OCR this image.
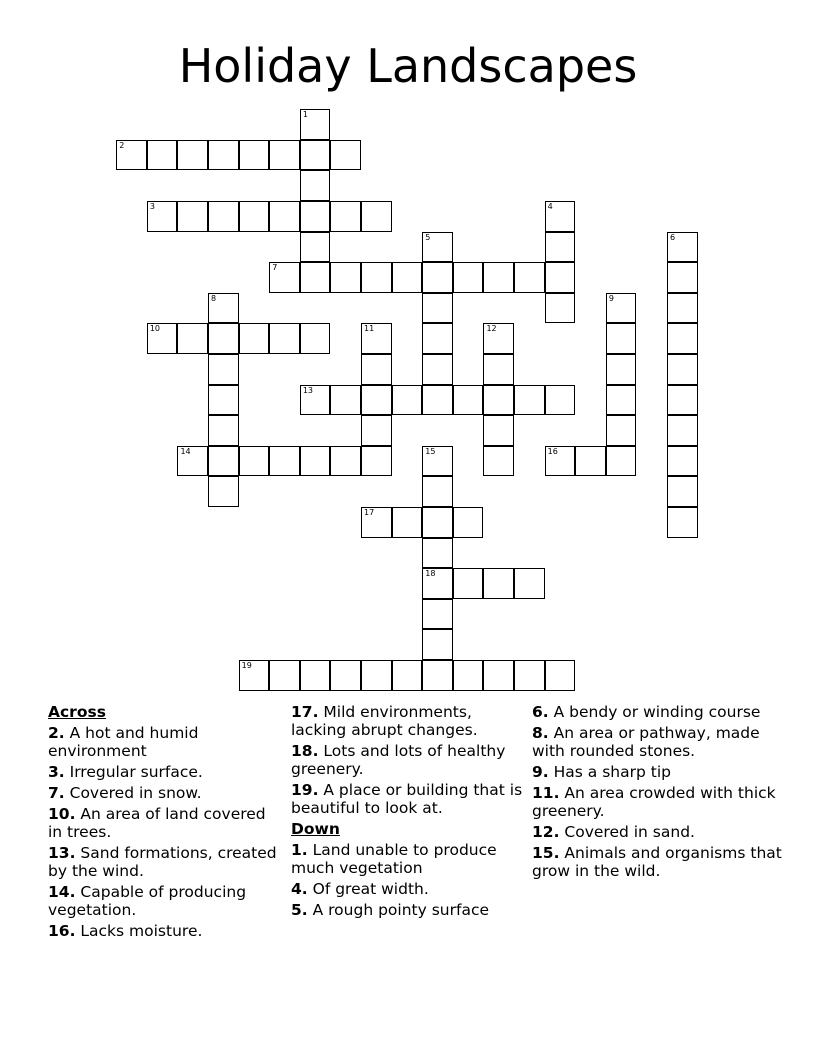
Holiday Landscapes
1
2
3	4
5	6
7
8	9
10	11	12
13
14	15
18
16
17
19
Across
2. A hot and humid environment
3. Irregular surface.
7. Covered in snow.
10. An area of land covered in trees.
13. Sand formations, created by the wind.
14. Capable of producing vegetation.
16. Lacks moisture.
17. Mild environments, lacking abrupt changes.
18. Lots and lots of healthy greenery.
19. A place or building that is beautiful to look at.
Down
1. Land unable to produce much vegetation
4. Of great width.
5. A rough pointy surface
6. A bendy or winding course
8. An area or pathway, made with rounded stones.
9. Has a sharp tip
11. An area crowded with thick greenery.
12. Covered in sand.
15. Animals and organisms that grow in the wild.
